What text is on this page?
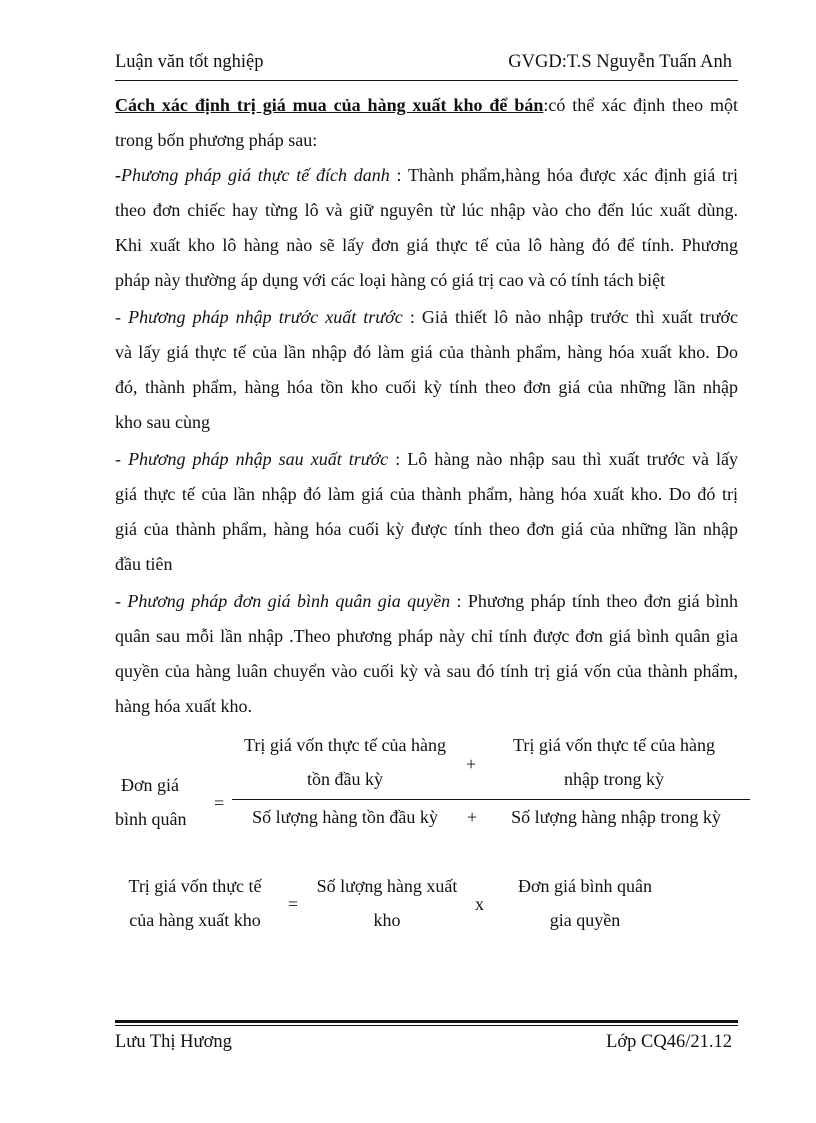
Luận văn tốt nghiệp	GVGD:T.S Nguyễn Tuấn Anh
Cách xác định trị giá mua của hàng xuất kho để bán:có thể xác định theo một
trong bốn phương pháp sau:
-Phương pháp giá thực tế đích danh : Thành phẩm,hàng hóa được xác định giá trị
theo đơn chiếc hay từng lô và giữ nguyên từ lúc nhập vào cho đến lúc xuất dùng.
Khi xuất kho lô hàng nào sẽ lấy đơn giá thực tế của lô hàng đó để tính. Phương
pháp này thường áp dụng với các loại hàng có giá trị cao và có tính tách biệt
- Phương pháp nhập trước xuất trước : Giả thiết lô nào nhập trước thì xuất trước
và lấy giá thực tế của lần nhập đó làm giá của thành phẩm, hàng hóa xuất kho. Do
đó, thành phẩm, hàng hóa tồn kho cuối kỳ tính theo đơn giá của những lần nhập
kho sau cùng
- Phương pháp nhập sau xuất trước : Lô hàng nào nhập sau thì xuất trước và lấy
giá thực tế của lần nhập đó làm giá của thành phẩm, hàng hóa xuất kho. Do đó trị
giá của thành phẩm, hàng hóa cuối kỳ được tính theo đơn giá của những lần nhập
đầu tiên
- Phương pháp đơn giá bình quân gia quyền : Phương pháp tính theo đơn giá bình
quân sau mỗi lần nhập .Theo phương pháp này chỉ tính được đơn giá bình quân gia
quyền của hàng luân chuyển vào cuối kỳ và sau đó tính trị giá vốn của thành phẩm,
hàng hóa xuất kho.
Đơn giá
bình quân
=
Trị giá vốn thực tế của hàng
tồn đầu kỳ
+
Trị giá vốn thực tế của hàng
nhập trong kỳ
Số lượng hàng tồn đầu kỳ	+	Số lượng hàng nhập trong kỳ
Trị giá vốn thực tế
của hàng xuất kho
=
Số lượng hàng xuất
kho
x
Đơn giá bình quân
gia quyền
Lưu Thị Hương	Lớp CQ46/21.12
